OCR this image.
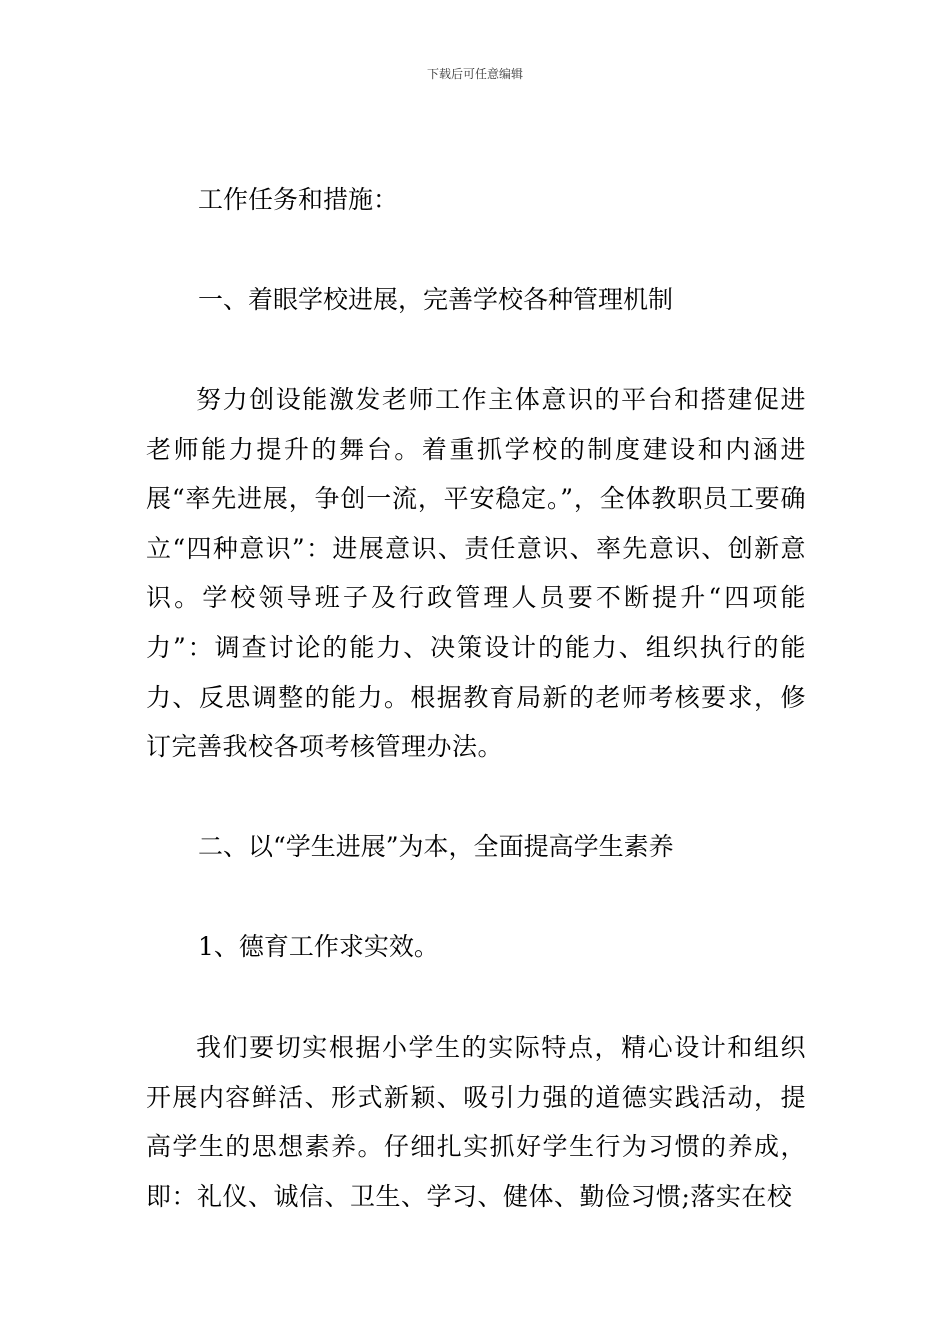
下载后可任意编辑
工作任务和措施：
一、着眼学校进展，完善学校各种管理机制
努力创设能激发老师工作主体意识的平台和搭建促进老师能力提升的舞台。着重抓学校的制度建设和内涵进展“率先进展，争创一流，平安稳定。”，全体教职员工要确立“四种意识”：进展意识、责任意识、率先意识、创新意识。学校领导班子及行政管理人员要不断提升“四项能力”：调查讨论的能力、决策设计的能力、组织执行的能力、反思调整的能力。根据教育局新的老师考核要求，修订完善我校各项考核管理办法。
二、以“学生进展”为本，全面提高学生素养
1、德育工作求实效。
我们要切实根据小学生的实际特点，精心设计和组织开展内容鲜活、形式新颖、吸引力强的道德实践活动，提高学生的思想素养。仔细扎实抓好学生行为习惯的养成，即：礼仪、诚信、卫生、学习、健体、勤俭习惯;落实在校
